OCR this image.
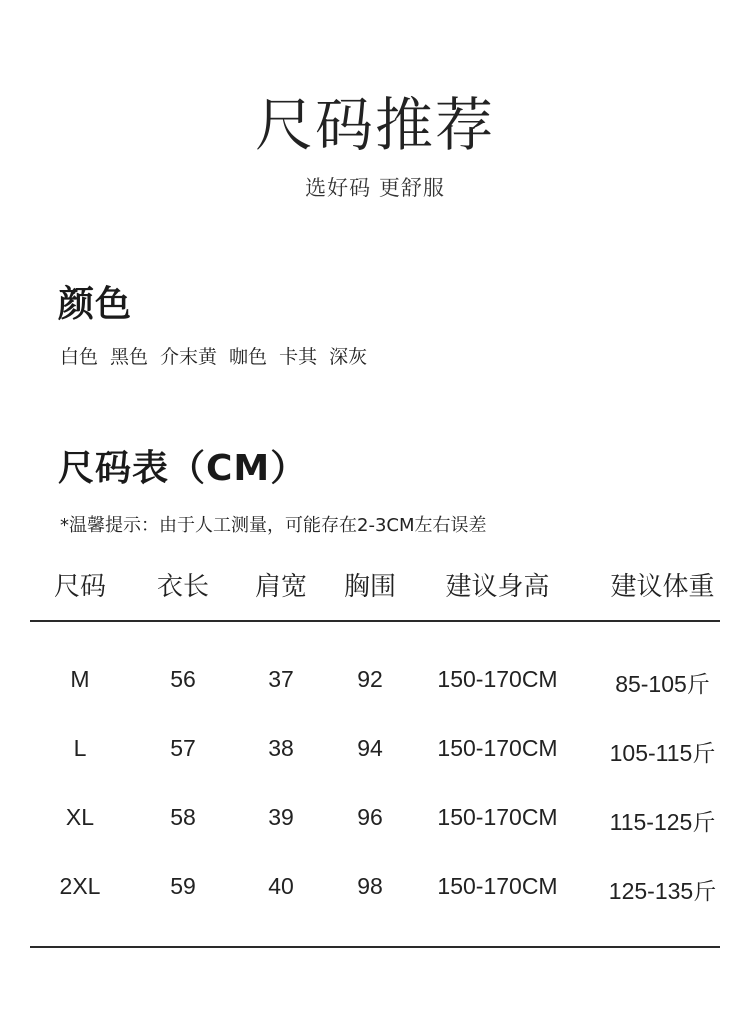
尺码推荐
选好码 更舒服
颜色
白色 黑色 介末黄 咖色 卡其 深灰
尺码表（CM）
*温馨提示：由于人工测量，可能存在2-3CM左右误差
尺码	衣长	肩宽	胸围	建议身高	建议体重
M	56	37	92	150-170CM	85-105斤
L	57	38	94	150-170CM	105-115斤
XL	58	39	96	150-170CM	115-125斤
2XL	59	40	98	150-170CM	125-135斤
